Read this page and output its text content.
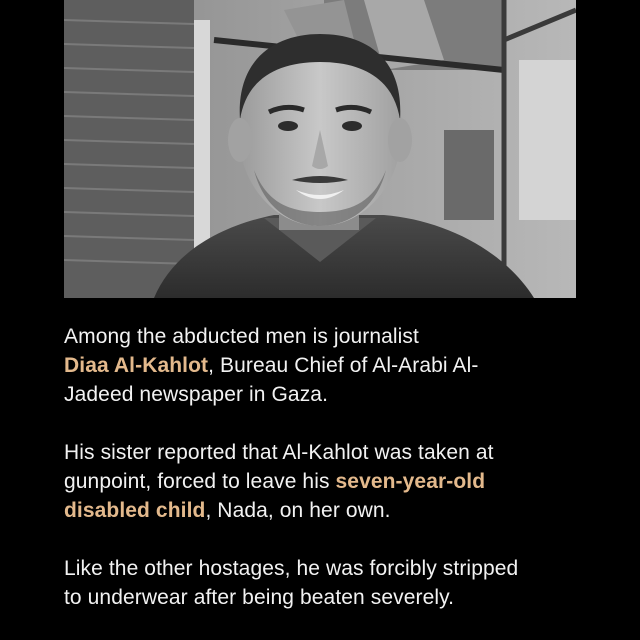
Among the abducted men is journalist
Diaa Al-Kahlot, Bureau Chief of Al-Arabi Al-
Jadeed newspaper in Gaza.

His sister reported that Al-Kahlot was taken at
gunpoint, forced to leave his seven-year-old
disabled child, Nada, on her own.

Like the other hostages, he was forcibly stripped
to underwear after being beaten severely.
